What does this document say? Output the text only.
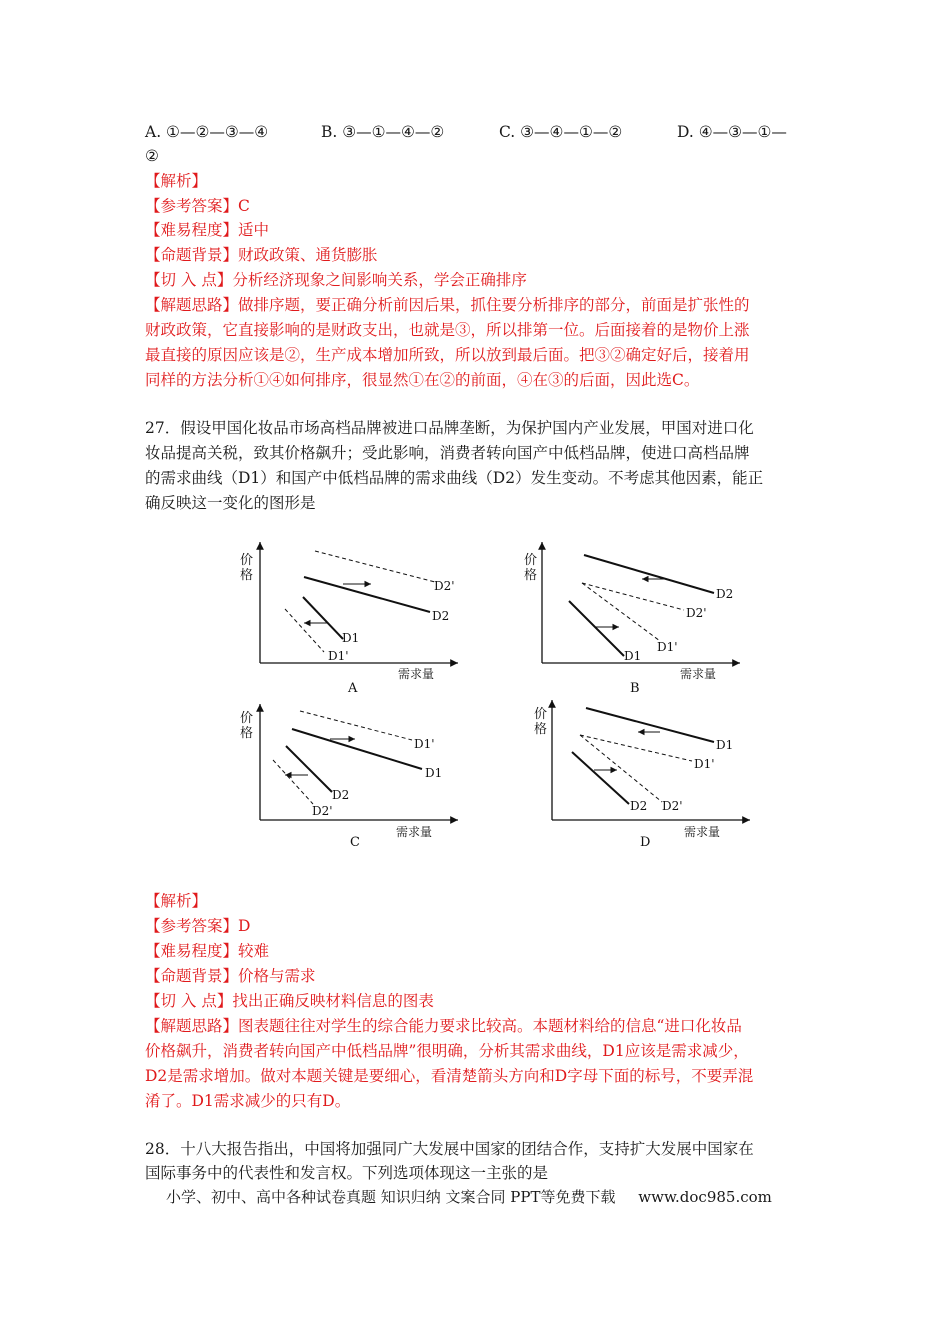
A. ①—②—③—④	B. ③—①—④—②	C. ③—④—①—②	D. ④—③—①—
②
【解析】
【参考答案】C
【难易程度】适中
【命题背景】财政政策、通货膨胀
【切 入 点】分析经济现象之间影响关系，学会正确排序
【解题思路】做排序题，要正确分析前因后果，抓住要分析排序的部分，前面是扩张性的
财政政策，它直接影响的是财政支出，也就是③，所以排第一位。后面接着的是物价上涨
最直接的原因应该是②，生产成本增加所致，所以放到最后面。把③②确定好后，接着用
同样的方法分析①④如何排序，很显然①在②的前面，④在③的后面，因此选C。
27．假设甲国化妆品市场高档品牌被进口品牌垄断，为保护国内产业发展，甲国对进口化
妆品提高关税，致其价格飙升；受此影响，消费者转向国产中低档品牌，使进口高档品牌
的需求曲线（D1）和国产中低档品牌的需求曲线（D2）发生变动。不考虑其他因素，能正
确反映这一变化的图形是
价
格
需求量
D2'
D2
D1
D1'
A
价
格
需求量
D2
D2'
D1'
D1
B
价
格
需求量
D1'
D1
D2
D2'
C
价
格
需求量
D1
D1'
D2 D2'
D
【解析】
【参考答案】D
【难易程度】较难
【命题背景】价格与需求
【切 入 点】找出正确反映材料信息的图表
【解题思路】图表题往往对学生的综合能力要求比较高。本题材料给的信息“进口化妆品
价格飙升，消费者转向国产中低档品牌”很明确，分析其需求曲线，D1应该是需求减少，
D2是需求增加。做对本题关键是要细心，看清楚箭头方向和D字母下面的标号，不要弄混
淆了。D1需求减少的只有D。
28．十八大报告指出，中国将加强同广大发展中国家的团结合作，支持扩大发展中国家在
国际事务中的代表性和发言权。下列选项体现这一主张的是
小学、初中、高中各种试卷真题 知识归纳 文案合同 PPT等免费下载 www.doc985.com
